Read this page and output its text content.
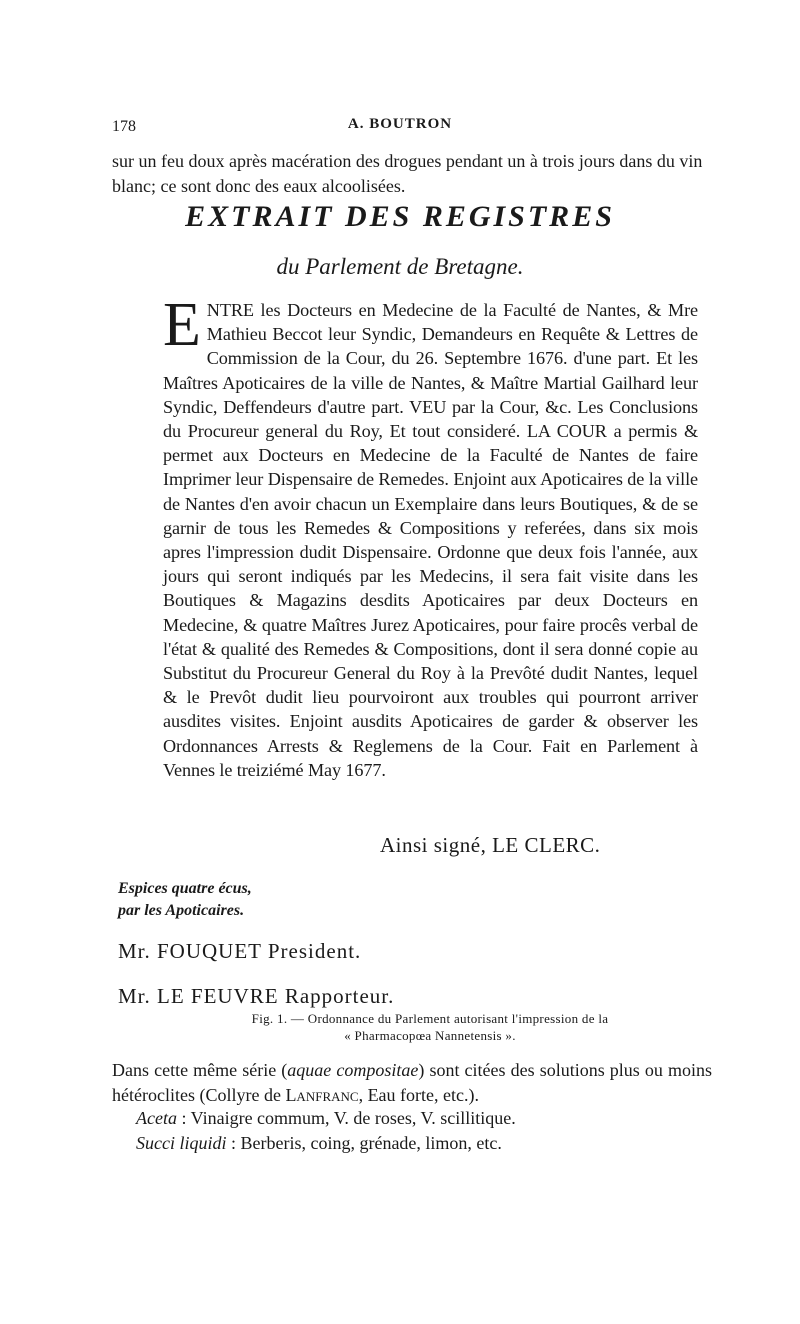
178	A. BOUTRON
sur un feu doux après macération des drogues pendant un à trois jours dans du vin blanc; ce sont donc des eaux alcoolisées.
EXTRAIT DES REGISTRES
du Parlement de Bretagne.
ENTRE les Docteurs en Medecine de la Faculté de Nantes, & Mre Mathieu Beccot leur Syndic, Demandeurs en Requête & Lettres de Commission de la Cour, du 26. Septembre 1676. d'une part. Et les Maîtres Apoticaires de la ville de Nantes, & Maître Martial Gailhard leur Syndic, Deffendeurs d'autre part. VEU par la Cour, &c. Les Conclusions du Procureur general du Roy, Et tout consideré. LA COUR a permis & permet aux Docteurs en Medecine de la Faculté de Nantes de faire Imprimer leur Dispensaire de Remedes. Enjoint aux Apoticaires de la ville de Nantes d'en avoir chacun un Exemplaire dans leurs Boutiques, & de se garnir de tous les Remedes & Compositions y referées, dans six mois apres l'impression dudit Dispensaire. Ordonne que deux fois l'année, aux jours qui seront indiqués par les Medecins, il sera fait visite dans les Boutiques & Magazins desdits Apoticaires par deux Docteurs en Medecine, & quatre Maîtres Jurez Apoticaires, pour faire procês verbal de l'état & qualité des Remedes & Compositions, dont il sera donné copie au Substitut du Procureur General du Roy à la Prevôté dudit Nantes, lequel & le Prevôt dudit lieu pourvoiront aux troubles qui pourront arriver ausdites visites. Enjoint ausdits Apoticaires de garder & observer les Ordonnances Arrests & Reglemens de la Cour. Fait en Parlement à Vennes le treiziémé May 1677.
Ainsi signé, LE CLERC.
Espices quatre écus,
par les Apoticaires.
Mr. FOUQUET President.
Mr. LE FEUVRE Rapporteur.
Fig. 1. — Ordonnance du Parlement autorisant l'impression de la
« Pharmacopœa Nannetensis ».
Dans cette même série (aquae compositae) sont citées des solutions plus ou moins hétéroclites (Collyre de Lanfranc, Eau forte, etc.).
Aceta : Vinaigre commum, V. de roses, V. scillitique.
Succi liquidi : Berberis, coing, grénade, limon, etc.
